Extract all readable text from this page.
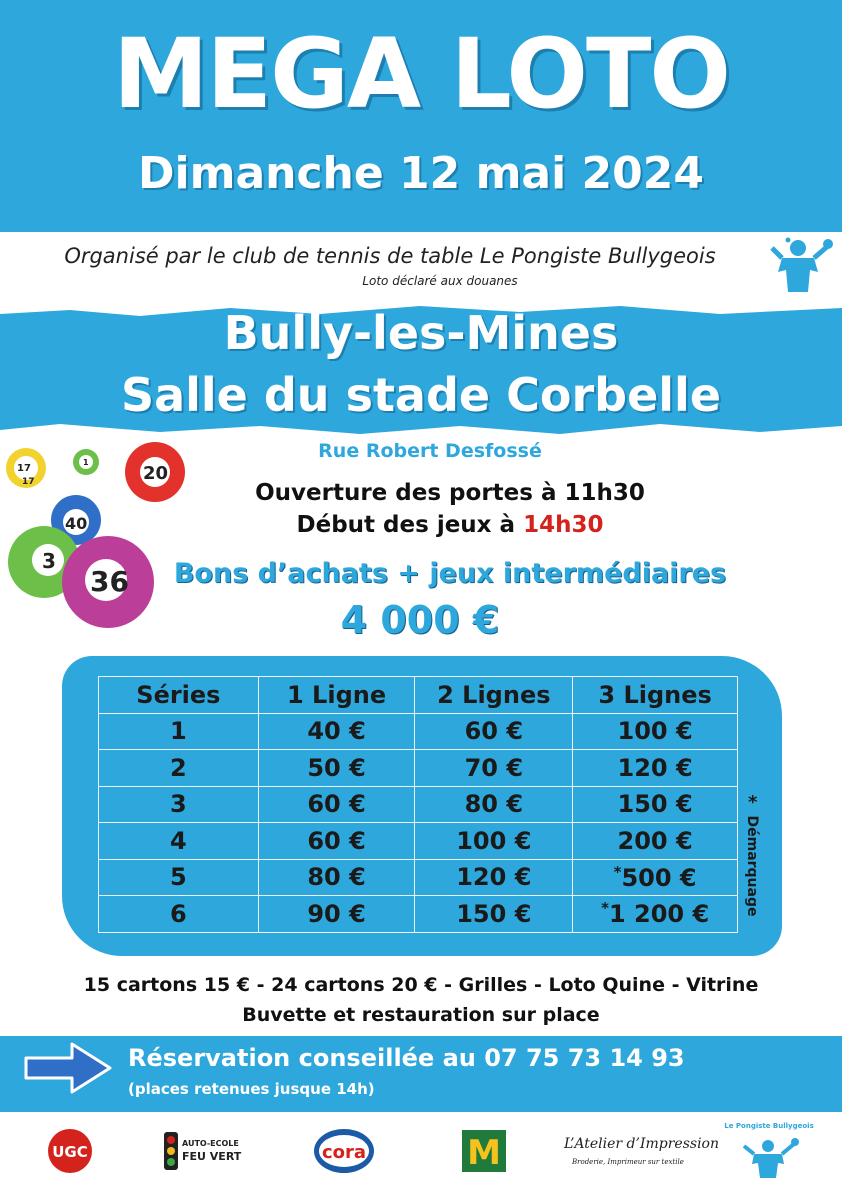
MEGA LOTO
Dimanche 12 mai 2024
Organisé par le club de tennis de table Le Pongiste Bullygeois
Loto déclaré aux douanes
Bully-les-Mines
Salle du stade Corbelle
Rue Robert Desfossé
17
17
1
20
40
3
36
Ouverture des portes à 11h30
Début des jeux à 14h30
Bons d’achats + jeux intermédiaires
4 000 €
Séries	1 Ligne	2 Lignes	3 Lignes
1	40 €	60 €	100 €
2	50 €	70 €	120 €
3	60 €	80 €	150 €
4	60 €	100 €	200 €
5	80 €	120 €	*500 €
6	90 €	150 €	*1 200 €
*
Démarquage
15 cartons 15 € - 24 cartons 20 € - Grilles - Loto Quine - Vitrine
Buvette et restauration sur place
Réservation conseillée au 07 75 73 14 93
(places retenues jusque 14h)
UGC	AUTO-ECOLE
FEU VERT	cora	M	L’Atelier d’Impression
Broderie, Imprimeur sur textile
Le Pongiste Bullygeois
